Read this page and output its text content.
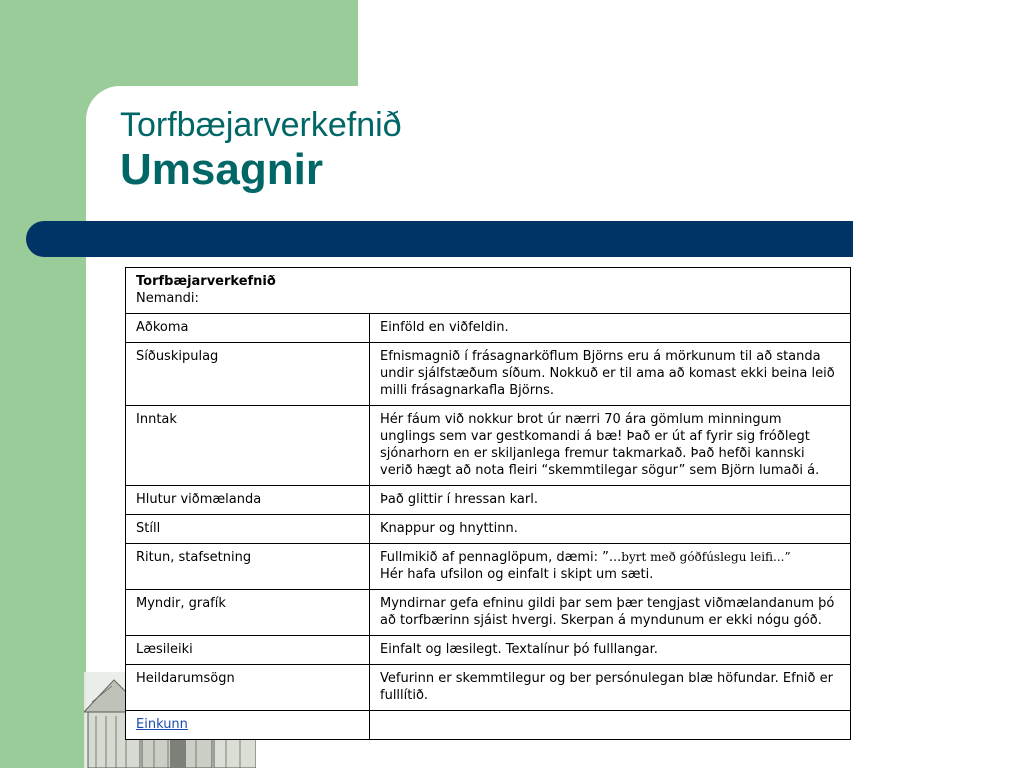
Torfbæjarverkefnið
Umsagnir
Torfbæjarverkefnið
Nemandi:	
Aðkoma	Einföld en viðfeldin.
Síðuskipulag	Efnismagnið í frásagnarköflum Björns eru á mörkunum til að standa undir sjálfstæðum síðum. Nokkuð er til ama að komast ekki beina leið milli frásagnarkafla Björns.
Inntak	Hér fáum við nokkur brot úr nærri 70 ára gömlum minningum unglings sem var gestkomandi á bæ! Það er út af fyrir sig fróðlegt sjónarhorn en er skiljanlega fremur takmarkað. Það hefði kannski verið hægt að nota fleiri “skemmtilegar sögur” sem Björn lumaði á.
Hlutur viðmælanda	Það glittir í hressan karl.
Stíll	Knappur og hnyttinn.
Ritun, stafsetning	Fullmikið af pennaglöpum, dæmi: ”...byrt með góðfúslegu leifi...”
Hér hafa ufsilon og einfalt i skipt um sæti.
Myndir, grafík	Myndirnar gefa efninu gildi þar sem þær tengjast viðmælandanum þó að torfbærinn sjáist hvergi. Skerpan á myndunum er ekki nógu góð.
Læsileiki	Einfalt og læsilegt. Textalínur þó fulllangar.
Heildarumsögn	Vefurinn er skemmtilegur og ber persónulegan blæ höfundar. Efnið er fulllítið.
Einkunn	
